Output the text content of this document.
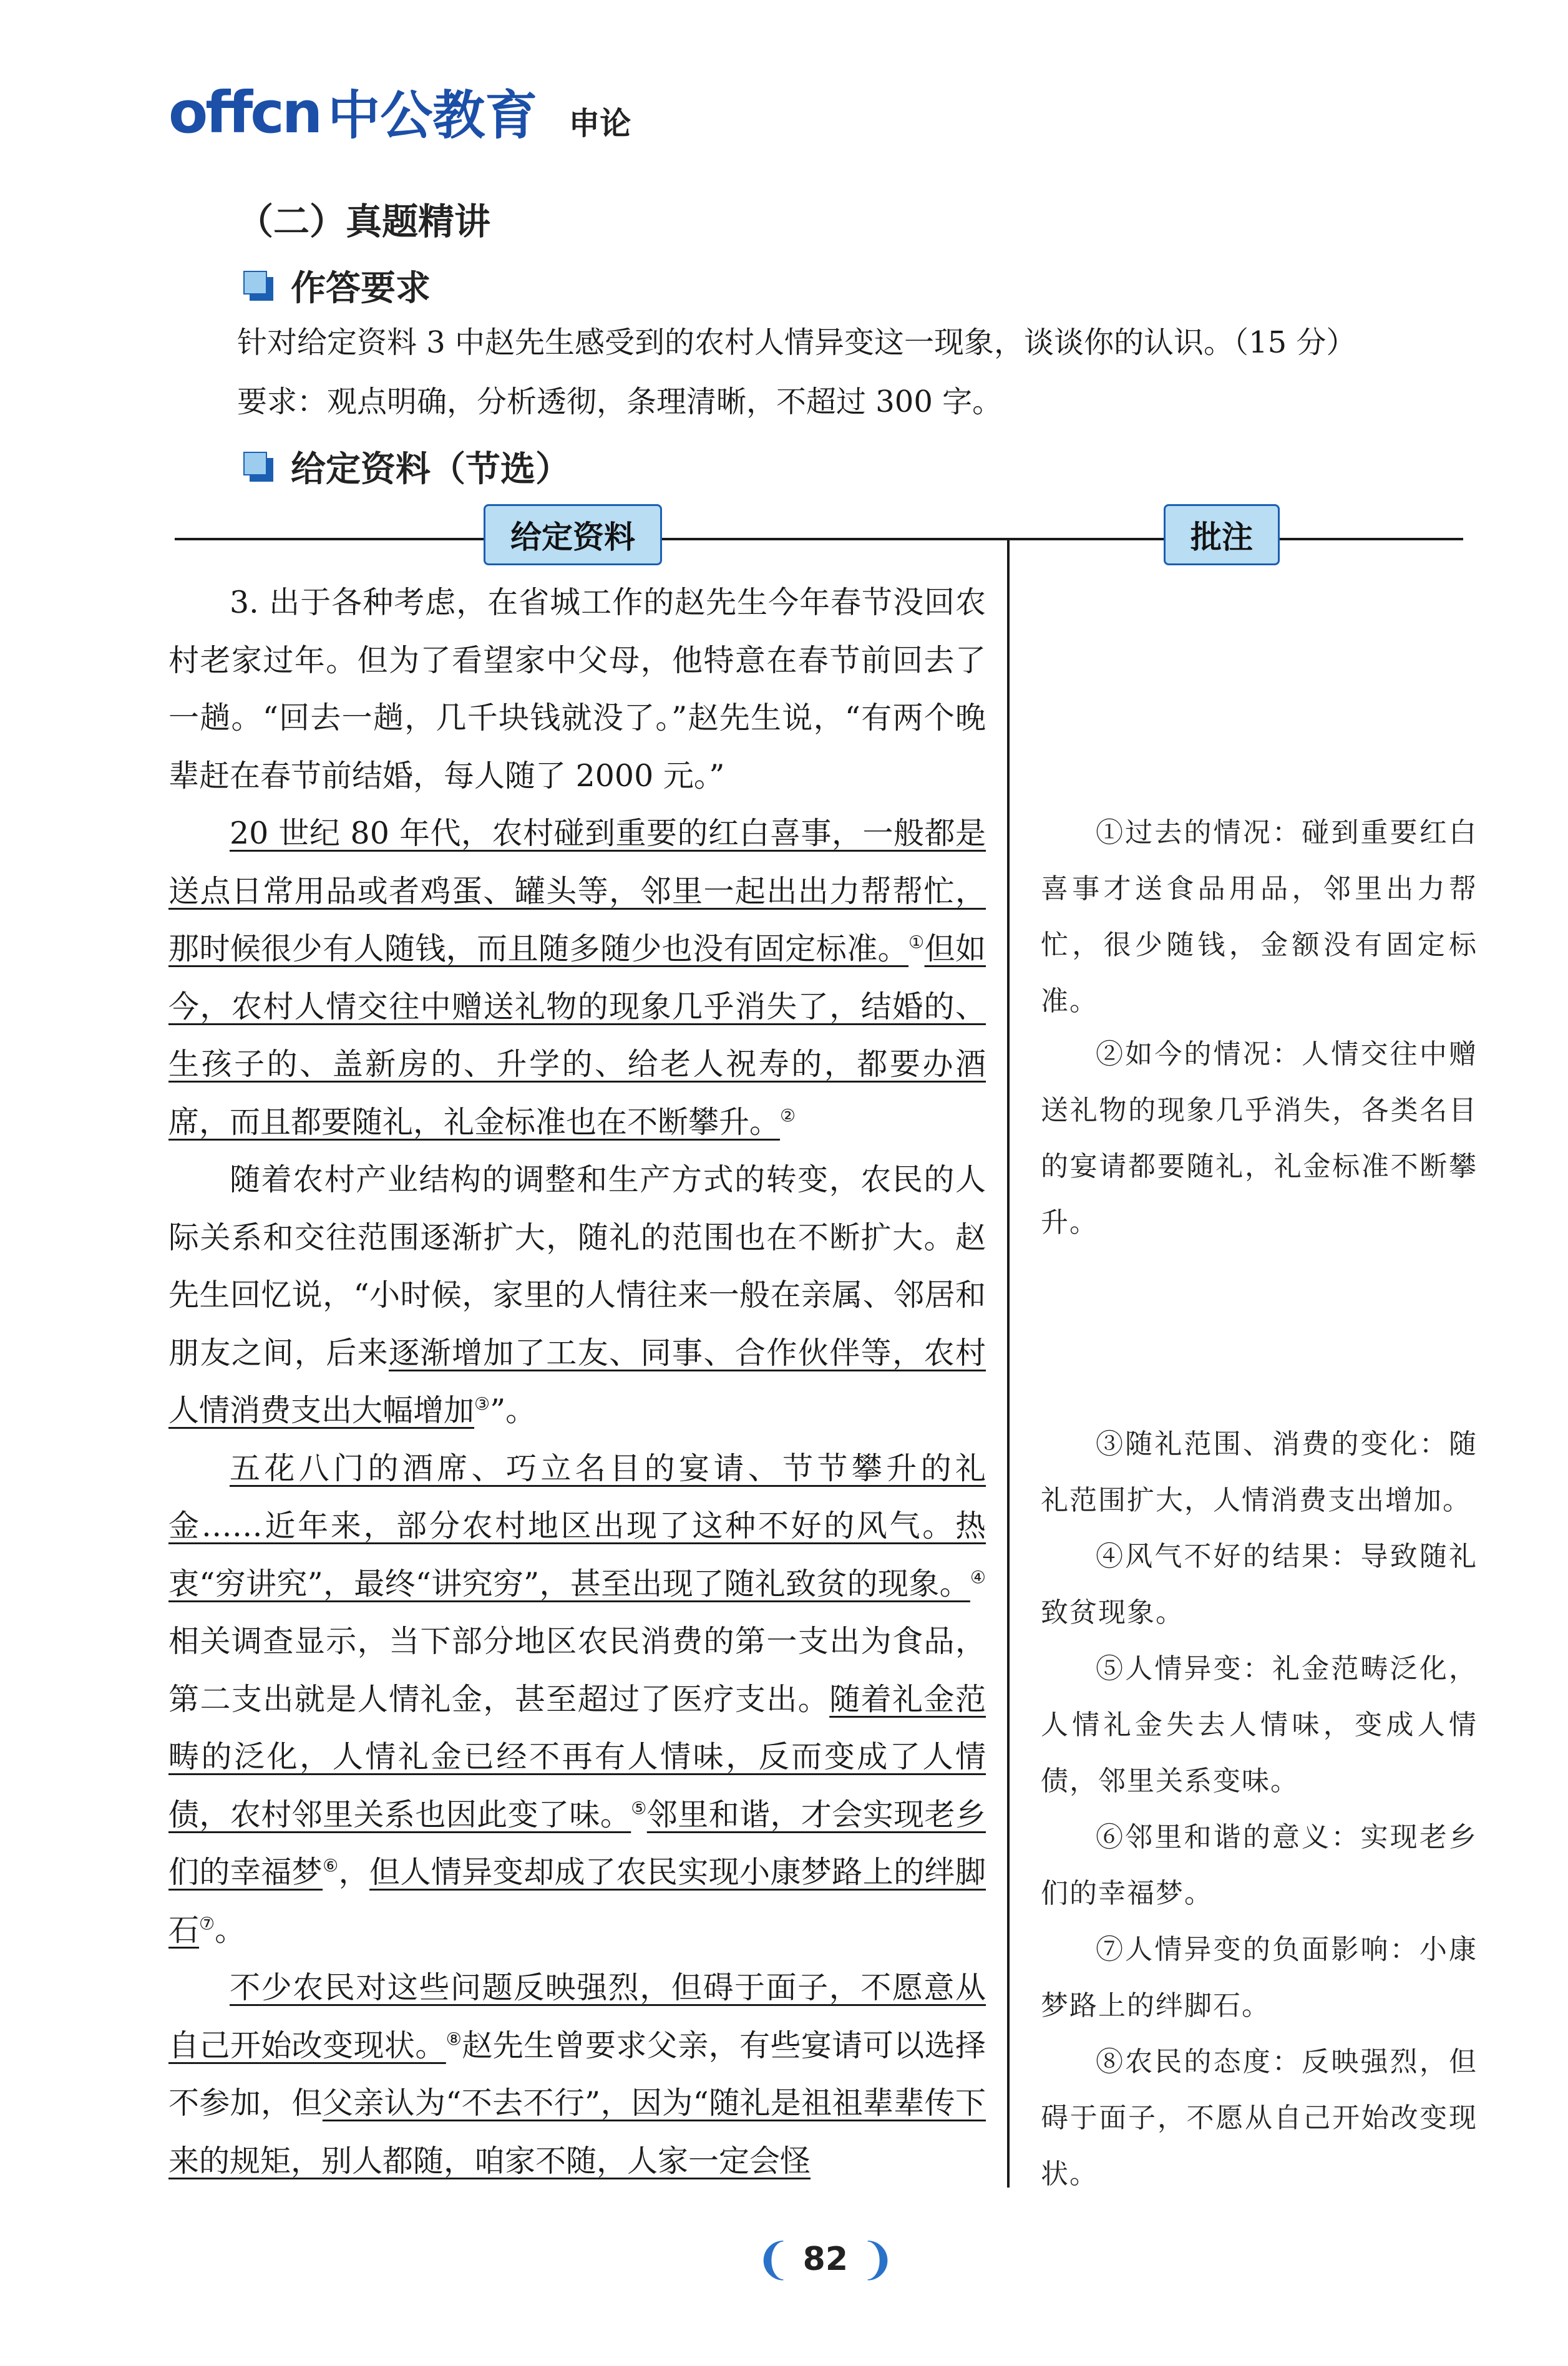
offcn 中公教育 申论
（二）真题精讲
作答要求
针对给定资料 3 中赵先生感受到的农村人情异变这一现象，谈谈你的认识。（15 分）
要求：观点明确，分析透彻，条理清晰，不超过 300 字。
给定资料（节选）
给定资料	批注

3. 出于各种考虑，在省城工作的赵先生今年春节没回农村老家过年。但为了看望家中父母，他特意在春节前回去了一趟。“回去一趟，几千块钱就没了。”赵先生说，“有两个晚辈赶在春节前结婚，每人随了 2000 元。”

20 世纪 80 年代，农村碰到重要的红白喜事，一般都是送点日常用品或者鸡蛋、罐头等，邻里一起出出力帮帮忙，那时候很少有人随钱，而且随多随少也没有固定标准。①但如今，农村人情交往中赠送礼物的现象几乎消失了，结婚的、生孩子的、盖新房的、升学的、给老人祝寿的，都要办酒席，而且都要随礼，礼金标准也在不断攀升。②

随着农村产业结构的调整和生产方式的转变，农民的人际关系和交往范围逐渐扩大，随礼的范围也在不断扩大。赵先生回忆说，“小时候，家里的人情往来一般在亲属、邻居和朋友之间，后来逐渐增加了工友、同事、合作伙伴等，农村人情消费支出大幅增加③”。

五花八门的酒席、巧立名目的宴请、节节攀升的礼金……近年来，部分农村地区出现了这种不好的风气。热衷“穷讲究”，最终“讲究穷”，甚至出现了随礼致贫的现象。④相关调查显示，当下部分地区农民消费的第一支出为食品，第二支出就是人情礼金，甚至超过了医疗支出。随着礼金范畴的泛化，人情礼金已经不再有人情味，反而变成了人情债，农村邻里关系也因此变了味。⑤邻里和谐，才会实现老乡们的幸福梦⑥，但人情异变却成了农民实现小康梦路上的绊脚石⑦。

不少农民对这些问题反映强烈，但碍于面子，不愿意从自己开始改变现状。⑧赵先生曾要求父亲，有些宴请可以选择不参加，但父亲认为“不去不行”，因为“随礼是祖祖辈辈传下来的规矩，别人都随，咱家不随，人家一定会怪

①过去的情况：碰到重要红白喜事才送食品用品，邻里出力帮忙，很少随钱，金额没有固定标准。

②如今的情况：人情交往中赠送礼物的现象几乎消失，各类名目的宴请都要随礼，礼金标准不断攀升。

③随礼范围、消费的变化：随礼范围扩大，人情消费支出增加。

④风气不好的结果：导致随礼致贫现象。

⑤人情异变：礼金范畴泛化，人情礼金失去人情味，变成人情债，邻里关系变味。

⑥邻里和谐的意义：实现老乡们的幸福梦。

⑦人情异变的负面影响：小康梦路上的绊脚石。

⑧农民的态度：反映强烈，但碍于面子，不愿从自己开始改变现状。

❨ 82 ❩
